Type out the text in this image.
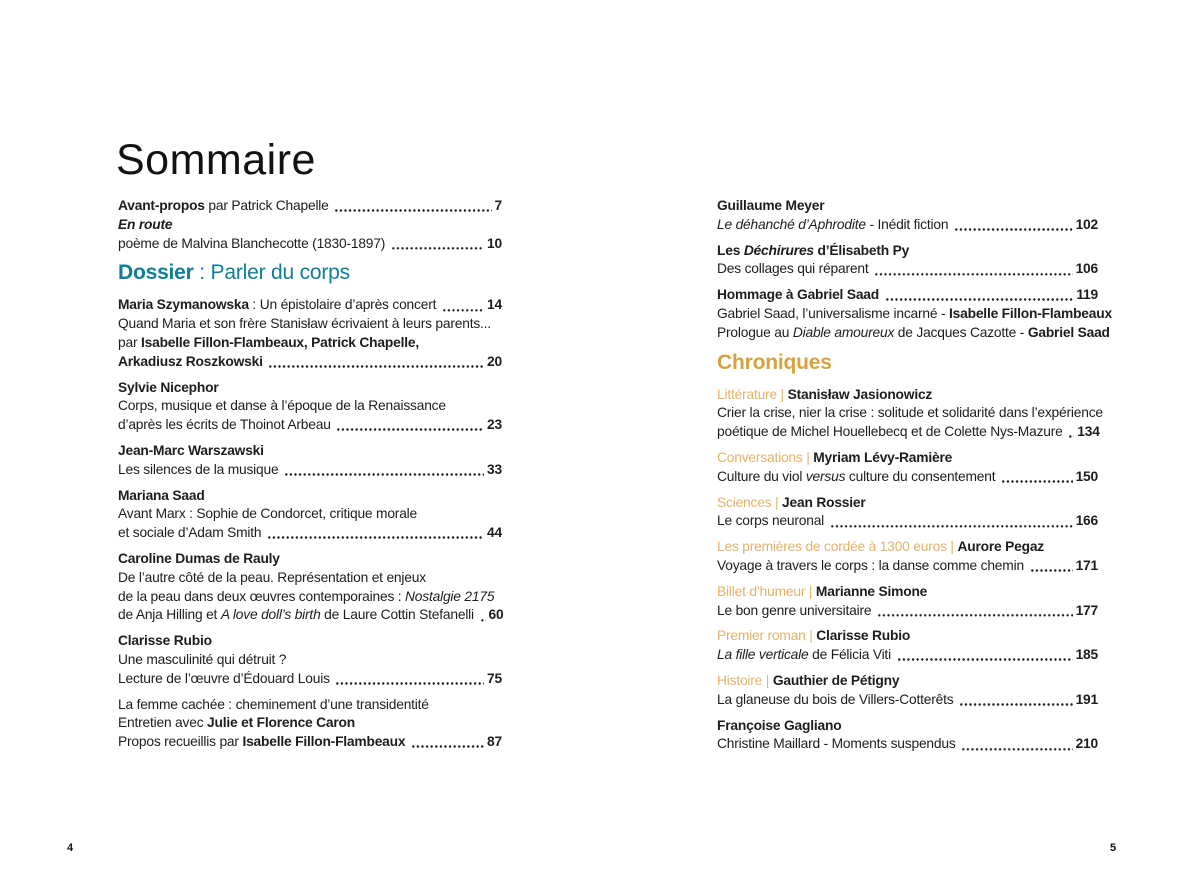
Sommaire
Avant-propos par Patrick Chapelle	7
En route
poème de Malvina Blanchecotte (1830-1897)	10
Dossier : Parler du corps
Maria Szymanowska : Un épistolaire d’après concert	14
Quand Maria et son frère Stanisław écrivaient à leurs parents...
par Isabelle Fillon-Flambeaux, Patrick Chapelle,
Arkadiusz Roszkowski	20
Sylvie Nicephor
Corps, musique et danse à l’époque de la Renaissance
d’après les écrits de Thoinot Arbeau	23
Jean-Marc Warszawski
Les silences de la musique	33
Mariana Saad
Avant Marx : Sophie de Condorcet, critique morale
et sociale d’Adam Smith	44
Caroline Dumas de Rauly
De l’autre côté de la peau. Représentation et enjeux
de la peau dans deux œuvres contemporaines : Nostalgie 2175
de Anja Hilling et A love doll’s birth de Laure Cottin Stefanelli 60
Clarisse Rubio
Une masculinité qui détruit ?
Lecture de l’œuvre d’Édouard Louis	75
La femme cachée : cheminement d’une transidentité
Entretien avec Julie et Florence Caron
Propos recueillis par Isabelle Fillon-Flambeaux	87
Guillaume Meyer
Le déhanché d’Aphrodite - Inédit fiction	102
Les Déchirures d’Élisabeth Py
Des collages qui réparent	106
Hommage à Gabriel Saad	119
Gabriel Saad, l’universalisme incarné - Isabelle Fillon-Flambeaux
Prologue au Diable amoureux de Jacques Cazotte - Gabriel Saad
Chroniques
Littérature | Stanisław Jasionowicz
Crier la crise, nier la crise : solitude et solidarité dans l’expérience
poétique de Michel Houellebecq et de Colette Nys-Mazure 134
Conversations | Myriam Lévy-Ramière
Culture du viol versus culture du consentement	150
Sciences | Jean Rossier
Le corps neuronal	166
Les premières de cordée à 1300 euros | Aurore Pegaz
Voyage à travers le corps : la danse comme chemin	171
Billet d’humeur | Marianne Simone
Le bon genre universitaire	177
Premier roman | Clarisse Rubio
La fille verticale de Félicia Viti	185
Histoire | Gauthier de Pétigny
La glaneuse du bois de Villers-Cotterêts	191
Françoise Gagliano
Christine Maillard - Moments suspendus	210
4	5
